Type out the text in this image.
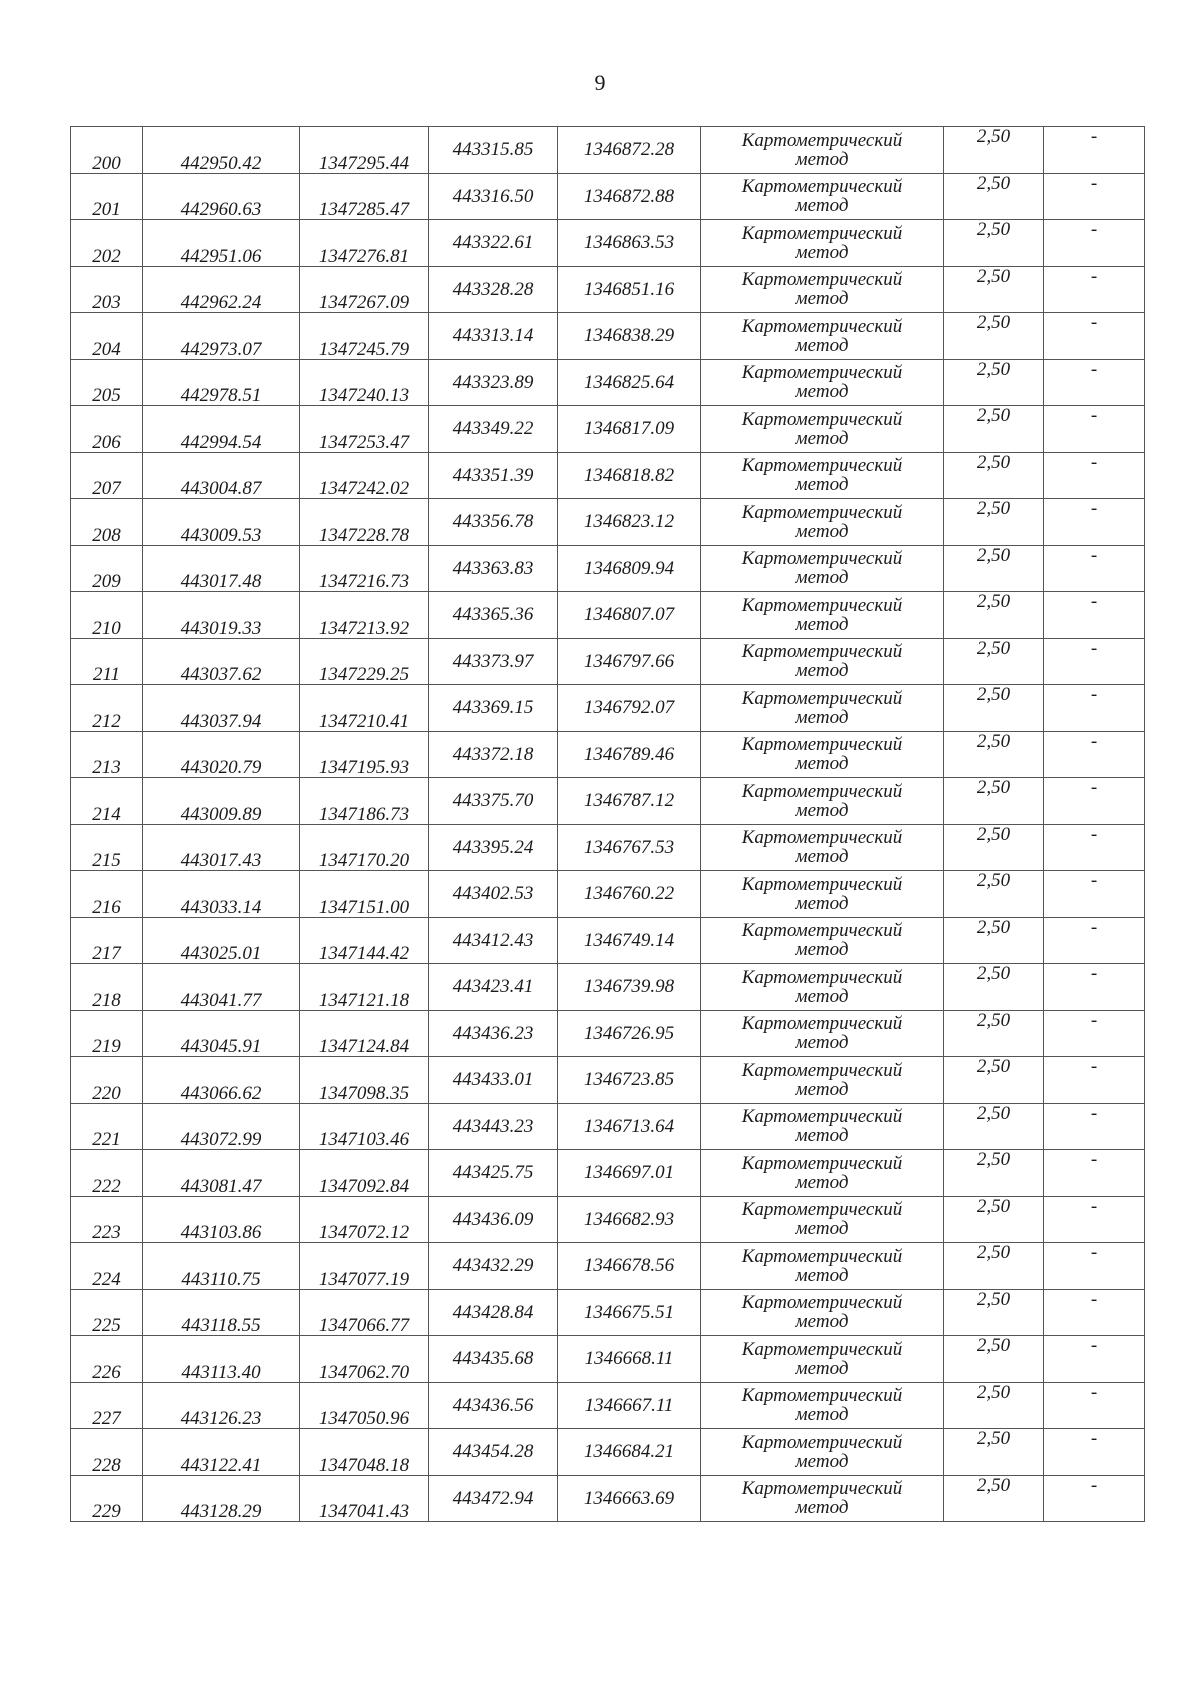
9
200	442950.42	1347295.44	443315.85	1346872.28	Картометрический
метод	2,50	-
201	442960.63	1347285.47	443316.50	1346872.88	Картометрический
метод	2,50	-
202	442951.06	1347276.81	443322.61	1346863.53	Картометрический
метод	2,50	-
203	442962.24	1347267.09	443328.28	1346851.16	Картометрический
метод	2,50	-
204	442973.07	1347245.79	443313.14	1346838.29	Картометрический
метод	2,50	-
205	442978.51	1347240.13	443323.89	1346825.64	Картометрический
метод	2,50	-
206	442994.54	1347253.47	443349.22	1346817.09	Картометрический
метод	2,50	-
207	443004.87	1347242.02	443351.39	1346818.82	Картометрический
метод	2,50	-
208	443009.53	1347228.78	443356.78	1346823.12	Картометрический
метод	2,50	-
209	443017.48	1347216.73	443363.83	1346809.94	Картометрический
метод	2,50	-
210	443019.33	1347213.92	443365.36	1346807.07	Картометрический
метод	2,50	-
211	443037.62	1347229.25	443373.97	1346797.66	Картометрический
метод	2,50	-
212	443037.94	1347210.41	443369.15	1346792.07	Картометрический
метод	2,50	-
213	443020.79	1347195.93	443372.18	1346789.46	Картометрический
метод	2,50	-
214	443009.89	1347186.73	443375.70	1346787.12	Картометрический
метод	2,50	-
215	443017.43	1347170.20	443395.24	1346767.53	Картометрический
метод	2,50	-
216	443033.14	1347151.00	443402.53	1346760.22	Картометрический
метод	2,50	-
217	443025.01	1347144.42	443412.43	1346749.14	Картометрический
метод	2,50	-
218	443041.77	1347121.18	443423.41	1346739.98	Картометрический
метод	2,50	-
219	443045.91	1347124.84	443436.23	1346726.95	Картометрический
метод	2,50	-
220	443066.62	1347098.35	443433.01	1346723.85	Картометрический
метод	2,50	-
221	443072.99	1347103.46	443443.23	1346713.64	Картометрический
метод	2,50	-
222	443081.47	1347092.84	443425.75	1346697.01	Картометрический
метод	2,50	-
223	443103.86	1347072.12	443436.09	1346682.93	Картометрический
метод	2,50	-
224	443110.75	1347077.19	443432.29	1346678.56	Картометрический
метод	2,50	-
225	443118.55	1347066.77	443428.84	1346675.51	Картометрический
метод	2,50	-
226	443113.40	1347062.70	443435.68	1346668.11	Картометрический
метод	2,50	-
227	443126.23	1347050.96	443436.56	1346667.11	Картометрический
метод	2,50	-
228	443122.41	1347048.18	443454.28	1346684.21	Картометрический
метод	2,50	-
229	443128.29	1347041.43	443472.94	1346663.69	Картометрический
метод	2,50	-
